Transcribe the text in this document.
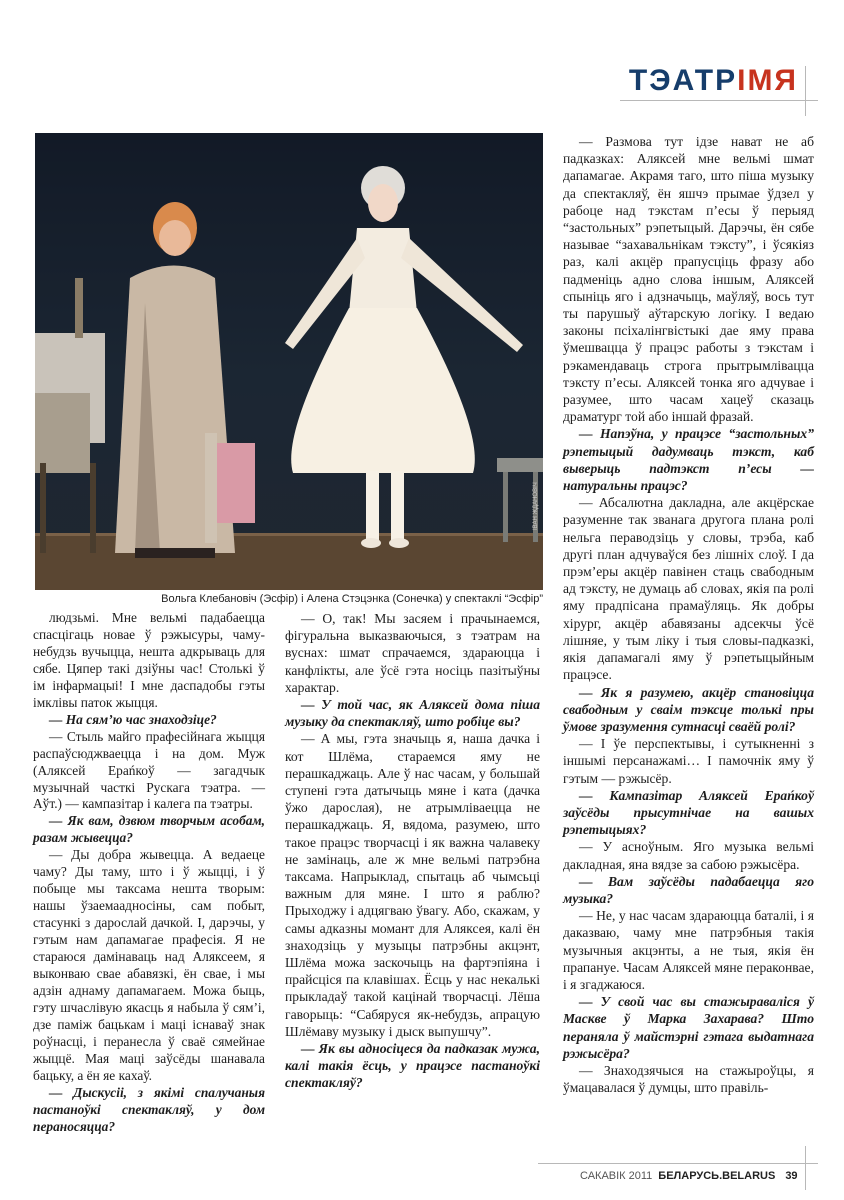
ТЭАТРІМЯ
ІВАН ЖДАНОВІЧ
Вольга Клебановіч (Эсфір) і Алена Стэцэнка (Сонечка) у спектаклі “Эсфір”

людзьмі. Мне вельмі падабаецца спасцігаць новае ў рэжысуры, чаму-небудзь вучыцца, нешта адкрываць для сябе. Цяпер такі дзіўны час! Столькі ў ім інфармацыі! І мне даспадобы гэты імклівы паток жыцця.

— На сям’ю час знаходзіце?

— Стыль майго прафесійнага жыцця распаўсюджваецца і на дом. Муж (Аляксей Ераńкоў — загадчык музычнай часткі Рускага тэатра. — Аўт.) — кампазітар і калега па тэатры.

— Як вам, дзвюм творчым асобам, разам жывецца?

— Ды добра жывецца. А ведаеце чаму? Ды таму, што і ў жыцці, і ў побыце мы таксама нешта творым: нашы ўзаемаадносіны, сам побыт, стасункі з дарослай дачкой. І, дарэчы, у гэтым нам дапамагае прафесія. Я не стараюся дамінаваць над Аляксеем, я выконваю свае абавязкі, ён свае, і мы адзін аднаму дапамагаем. Можа быць, гэту шчаслівую якасць я набыла ў сям’і, дзе паміж бацькам і маці існаваў знак роўнасці, і перанесла ў сваё сямейнае жыццё. Мая маці заўсёды шанавала бацьку, а ён яе кахаў.

— Дыскусіі, з якімі спалучаныя пастаноўкі спектакляў, у дом пераносяцца?

— О, так! Мы засяем і прачынаемся, фігуральна выказваючыся, з тэатрам на вуснах: шмат спрачаемся, здараюцца і канфлікты, але ўсё гэта носіць пазітыўны характар.

— У той час, як Аляксей дома піша музыку да спектакляў, што робіце вы?

— А мы, гэта значыць я, наша дачка і кот Шлёма, стараемся яму не перашкаджаць. Але ў нас часам, у большай ступені гэта датычыць мяне і ката (дачка ўжо дарослая), не атрымліваецца не перашкаджаць. Я, вядома, разумею, што такое працэс творчасці і як важна чалавеку не замінаць, але ж мне вельмі патрэбна таксама. Напрыклад, спытаць аб чымсьці важным для мяне. І што я раблю? Прыходжу і адцягваю ўвагу. Або, скажам, у самы адказны момант для Аляксея, калі ён знаходзіць у музыцы патрэбны акцэнт, Шлёма можа заскочыць на фартэпіяна і прайсціся па клавішах. Ёсць у нас некалькі прыкладаў такой кацінай творчасці. Лёша гаворыць: “Сабяруся як-небудзь, апрацую Шлёмаву музыку і дыск выпушчу”.

— Як вы адносіцеся да падказак мужа, калі такія ёсць, у працэсе пастаноўкі спектакляў?

— Размова тут ідзе нават не аб падказках: Аляксей мне вельмі шмат дапамагае. Акрамя таго, што піша музыку да спектакляў, ён яшчэ прымае ўдзел у рабоце над тэкстам п’есы ў перыяд “застольных” рэпетыцый. Дарэчы, ён сябе называе “захавальнікам тэксту”, і ўсякіяз раз, калі акцёр прапусціць фразу або падменіць адно слова іншым, Аляксей спыніць яго і адзначыць, маўляў, вось тут ты парушыў аўтарскую логіку. І ведаю законы псіхалінгвістыкі дае яму права ўмешвацца ў працэс работы з тэкстам і рэкамендаваць строга прытрымлівацца тэксту п’есы. Аляксей тонка яго адчувае і разумее, што часам хацеў сказаць драматург той або іншай фразай.

— Напэўна, у працэсе “застольных” рэпетыцый дадумваць тэкст, каб выверыць падтэкст п’есы — натуральны працэс?

— Абсалютна дакладна, але акцёрскае разуменне так званага другога плана ролі нельга пераводзіць у словы, трэба, каб другі план адчуваўся без лішніх слоў. І да прэм’еры акцёр павінен стаць свабодным ад тэксту, не думаць аб словах, якія па ролі яму прадпісана прамаўляць. Як добры хірург, акцёр абавязаны адсекчы ўсё лішняе, у тым ліку і тыя словы-падказкі, якія дапамагалі яму ў рэпетыцыйным працэсе.

— Як я разумею, акцёр становіцца свабодным у сваім тэксце толькі пры ўмове зразумення сутнасці сваёй ролі?

— І ўе перспектывы, і сутыкненні з іншымі персанажамі… І памочнік яму ў гэтым — рэжысёр.

— Кампазітар Аляксей Ераńкоў заўсёды прысутнічае на вашых рэпетыцыях?

— У асноўным. Яго музыка вельмі дакладная, яна вядзе за сабою рэжысёра.

— Вам заўсёды падабаецца яго музыка?

— Не, у нас часам здараюцца баталіі, і я даказваю, чаму мне патрэбныя такія музычныя акцэнты, а не тыя, якія ён прапануе. Часам Аляксей мяне пераконвае, і я згаджаюся.

— У свой час вы стажыраваліся ў Маскве ў Марка Захарава? Што пераняла ў майстэрні гэтага выдатнага рэжысёра?

— Знаходзячыся на стажыроўцы, я ўмацавалася ў думцы, што правіль-

САКАВІК 2011 БЕЛАРУСЬ.BELARUS 39
